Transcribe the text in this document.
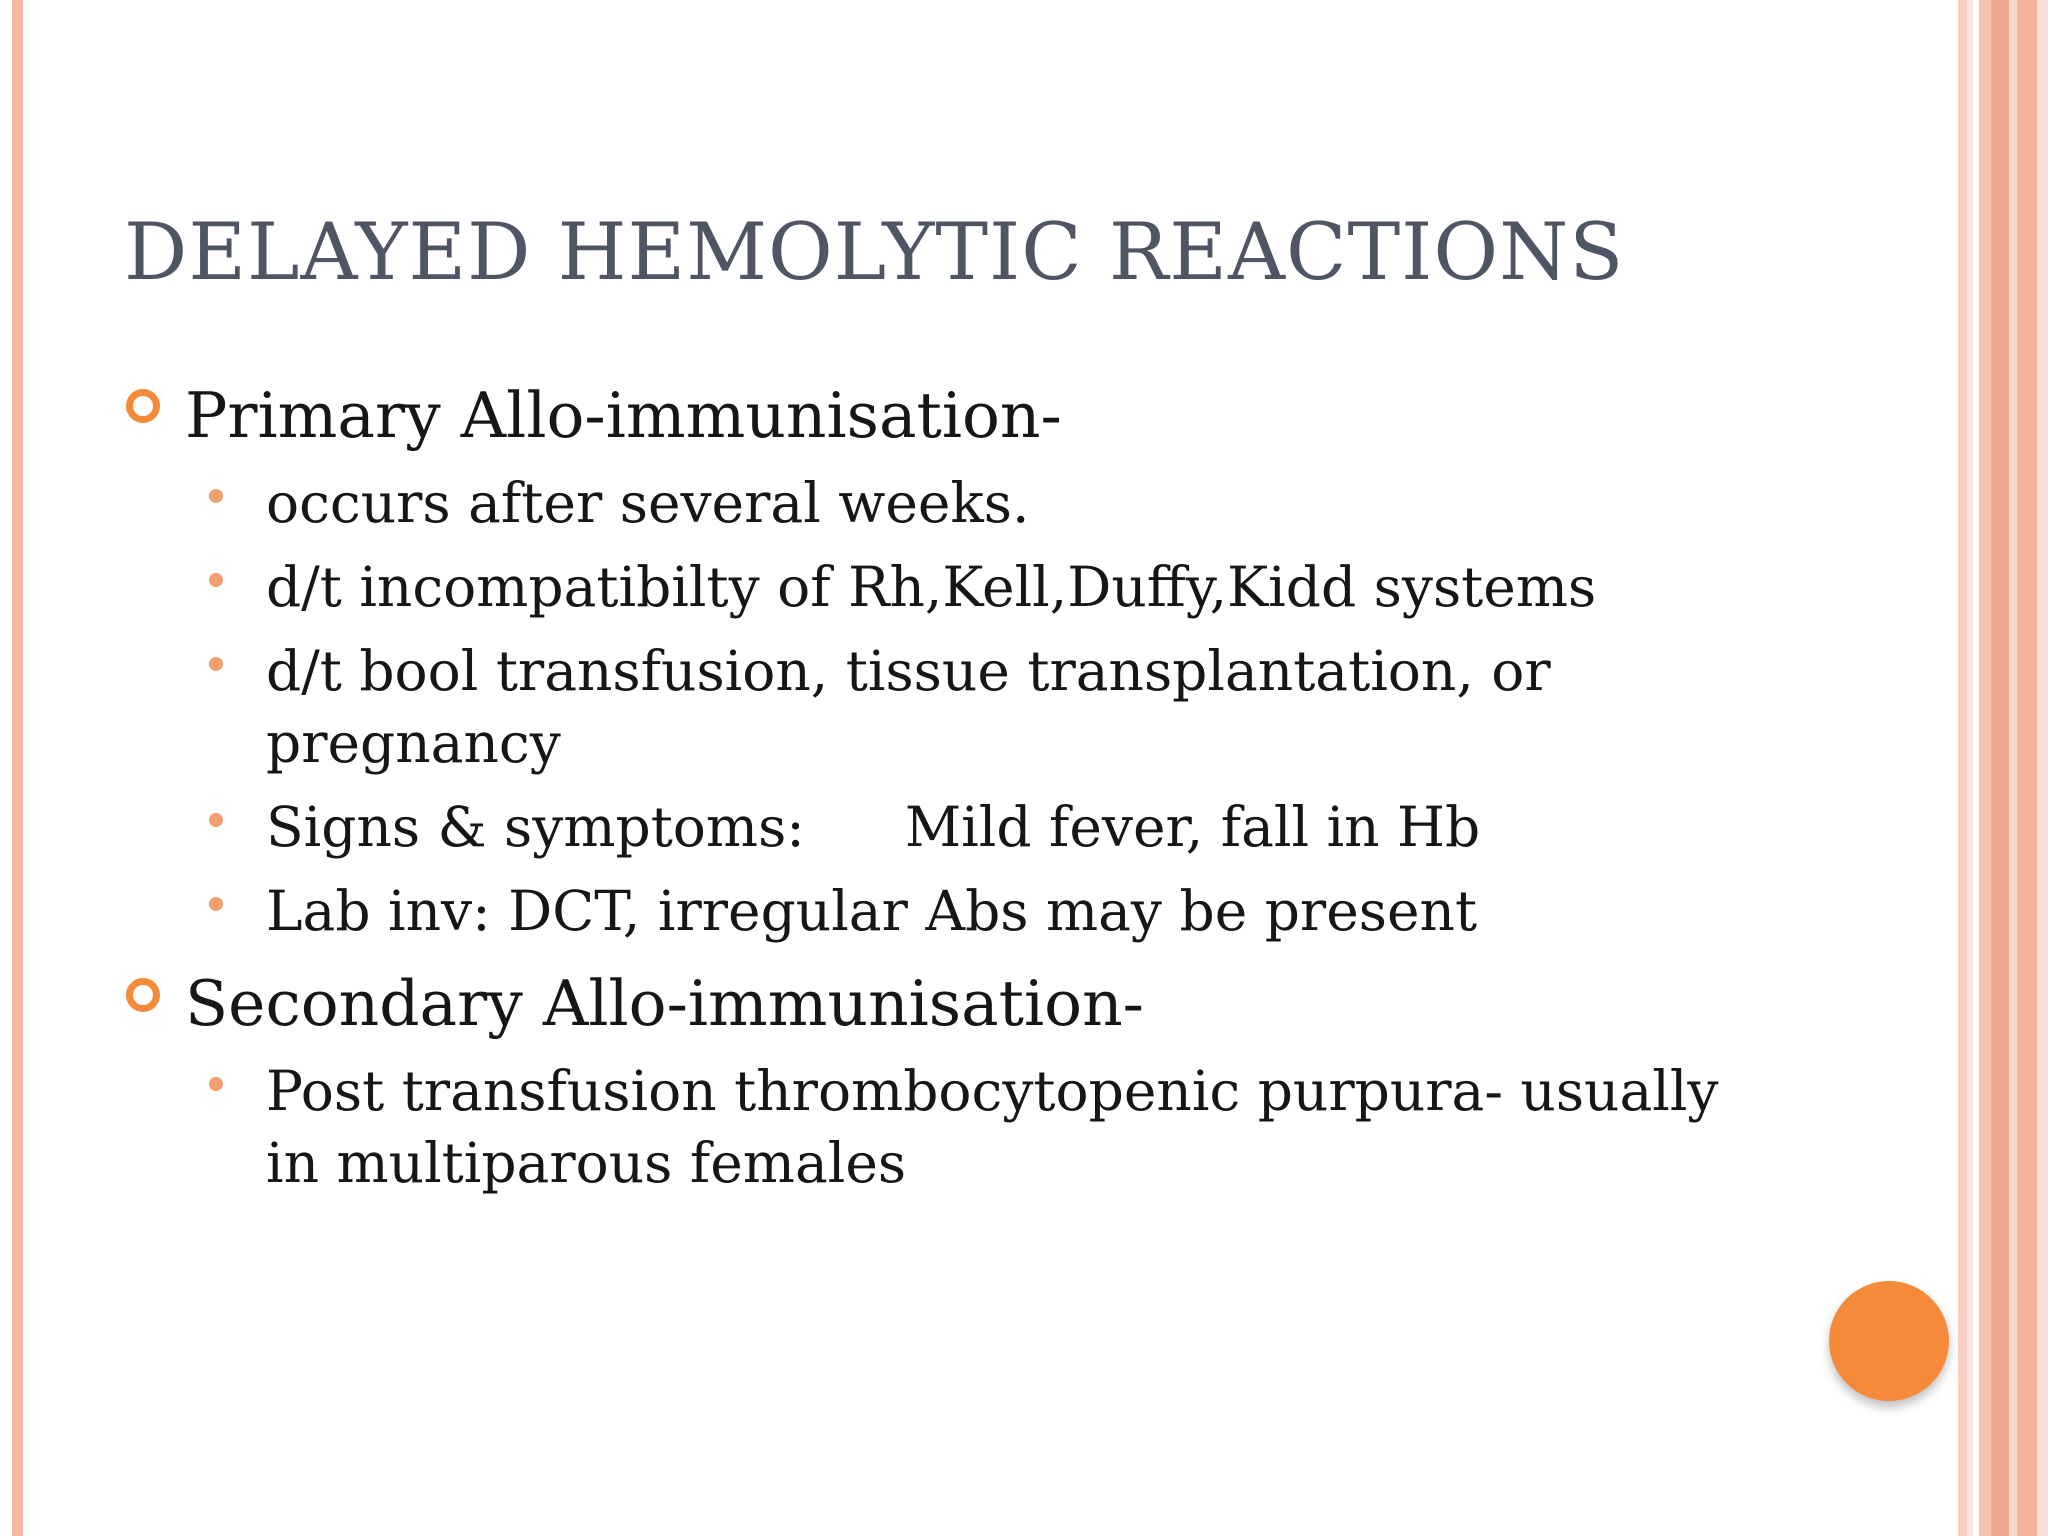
DELAYED HEMOLYTIC REACTIONS
Primary Allo-immunisation-
occurs after several weeks.
d/t incompatibilty of Rh,Kell,Duffy,Kidd systems
d/t bool transfusion, tissue transplantation, or
pregnancy
Signs & symptoms: Mild fever, fall in Hb
Lab inv: DCT, irregular Abs may be present
Secondary Allo-immunisation-
Post transfusion thrombocytopenic purpura- usually
in multiparous females
